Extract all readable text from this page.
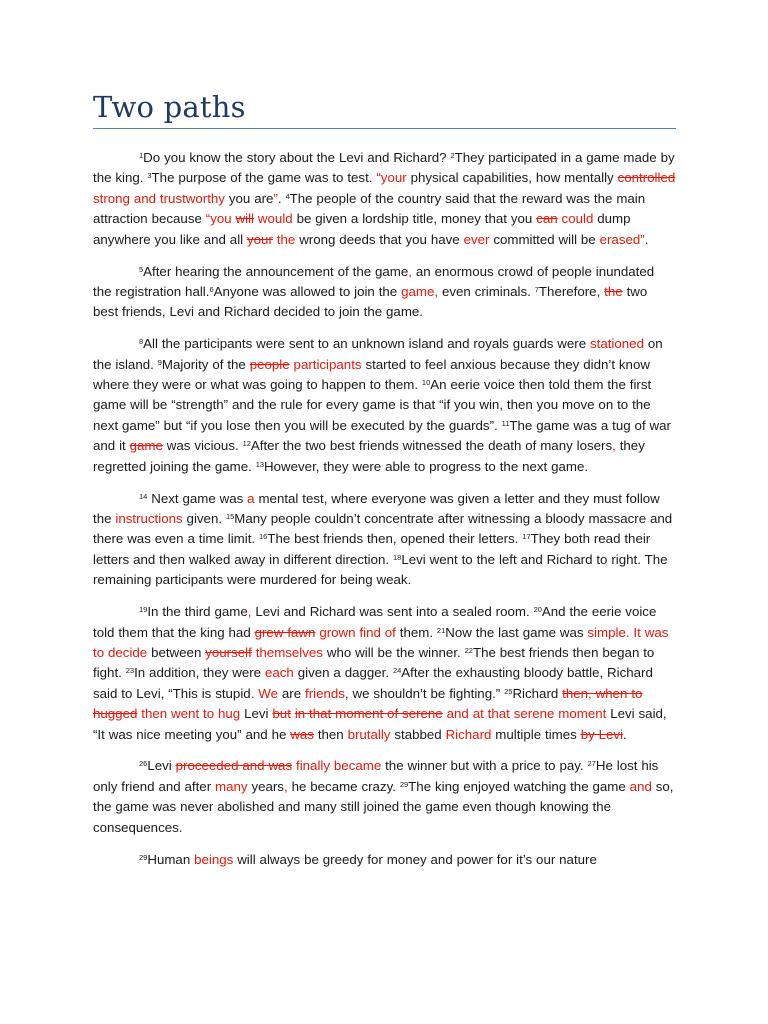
Two paths

$^1$Do you know the story about the Levi and Richard? $^2$They participated in a game made by the king. $^3$The purpose of the game was to test. “your physical capabilities, how mentally controlled strong and trustworthy you are”. $^4$The people of the country said that the reward was the main attraction because “you will would be given a lordship title, money that you can could dump anywhere you like and all your the wrong deeds that you have ever committed will be erased”.

$^5$After hearing the announcement of the game, an enormous crowd of people inundated the registration hall.$^6$Anyone was allowed to join the game, even criminals. $^7$Therefore, the two best friends, Levi and Richard decided to join the game.

$^8$All the participants were sent to an unknown island and royals guards were stationed on the island. $^9$Majority of the people participants started to feel anxious because they didn’t know where they were or what was going to happen to them. $^{10}$An eerie voice then told them the first game will be “strength” and the rule for every game is that “if you win, then you move on to the next game” but “if you lose then you will be executed by the guards”. $^{11}$The game was a tug of war and it game was vicious. $^{12}$After the two best friends witnessed the death of many losers, they regretted joining the game. $^{13}$However, they were able to progress to the next game.

$^{14}$ Next game was a mental test, where everyone was given a letter and they must follow the instructions given. $^{15}$Many people couldn’t concentrate after witnessing a bloody massacre and there was even a time limit. $^{16}$The best friends then, opened their letters. $^{17}$They both read their letters and then walked away in different direction. $^{18}$Levi went to the left and Richard to right. The remaining participants were murdered for being weak.

$^{19}$In the third game, Levi and Richard was sent into a sealed room. $^{20}$And the eerie voice told them that the king had grew fawn grown find of them. $^{21}$Now the last game was simple. It was to decide between yourself themselves who will be the winner. $^{22}$The best friends then began to fight. $^{23}$In addition, they were each given a dagger. $^{24}$After the exhausting bloody battle, Richard said to Levi, “This is stupid. We are friends, we shouldn’t be fighting.” $^{25}$Richard then, when to hugged then went to hug Levi but in that moment of serene and at that serene moment Levi said, “It was nice meeting you” and he was then brutally stabbed Richard multiple times by Levi.

$^{26}$Levi proceeded and was finally became the winner but with a price to pay. $^{27}$He lost his only friend and after many years, he became crazy. $^{29}$The king enjoyed watching the game and so, the game was never abolished and many still joined the game even though knowing the consequences.

$^{29}$Human beings will always be greedy for money and power for it’s our nature
